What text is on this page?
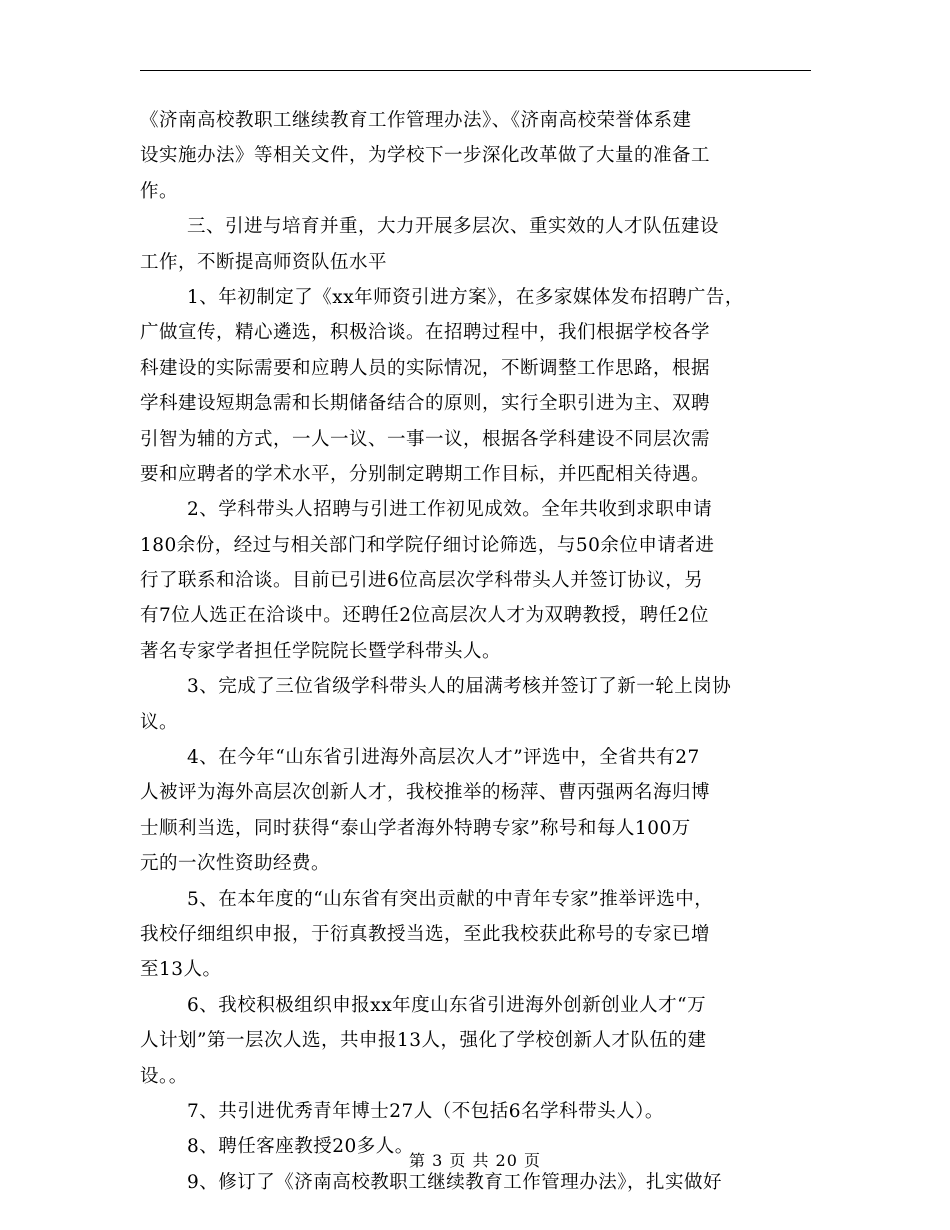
《济南高校教职工继续教育工作管理办法》、《济南高校荣誉体系建
设实施办法》等相关文件，为学校下一步深化改革做了大量的准备工
作。
三、引进与培育并重，大力开展多层次、重实效的人才队伍建设
工作，不断提高师资队伍水平
1、年初制定了《xx年师资引进方案》，在多家媒体发布招聘广告，
广做宣传，精心遴选，积极洽谈。在招聘过程中，我们根据学校各学
科建设的实际需要和应聘人员的实际情况，不断调整工作思路，根据
学科建设短期急需和长期储备结合的原则，实行全职引进为主、双聘
引智为辅的方式，一人一议、一事一议，根据各学科建设不同层次需
要和应聘者的学术水平，分别制定聘期工作目标，并匹配相关待遇。
2、学科带头人招聘与引进工作初见成效。全年共收到求职申请
180余份，经过与相关部门和学院仔细讨论筛选，与50余位申请者进
行了联系和洽谈。目前已引进6位高层次学科带头人并签订协议，另
有7位人选正在洽谈中。还聘任2位高层次人才为双聘教授，聘任2位
著名专家学者担任学院院长暨学科带头人。
3、完成了三位省级学科带头人的届满考核并签订了新一轮上岗协
议。
4、在今年“山东省引进海外高层次人才”评选中，全省共有27
人被评为海外高层次创新人才，我校推举的杨萍、曹丙强两名海归博
士顺利当选，同时获得“泰山学者海外特聘专家”称号和每人100万
元的一次性资助经费。
5、在本年度的“山东省有突出贡献的中青年专家”推举评选中，
我校仔细组织申报，于衍真教授当选，至此我校获此称号的专家已增
至13人。
6、我校积极组织申报xx年度山东省引进海外创新创业人才“万
人计划”第一层次人选，共申报13人，强化了学校创新人才队伍的建
设。。
7、共引进优秀青年博士27人（不包括6名学科带头人）。
8、聘任客座教授20多人。
9、修订了《济南高校教职工继续教育工作管理办法》，扎实做好
第 3 页 共 20 页
